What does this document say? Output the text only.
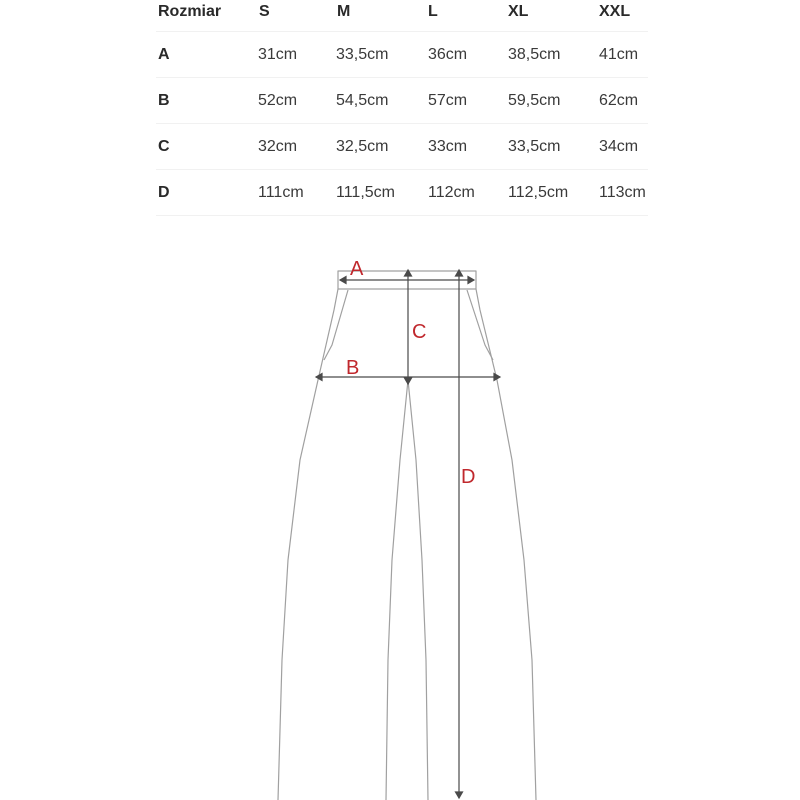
Rozmiar S	M	L	XL	XXL
A	31cm 33,5cm 36cm	38,5cm 41cm
B	52cm 54,5cm 57cm	59,5cm 62cm
C	32cm 32,5cm 33cm	33,5cm 34cm
D	111cm 111,5cm 112cm 112,5cm 113cm
A
B
C
D
